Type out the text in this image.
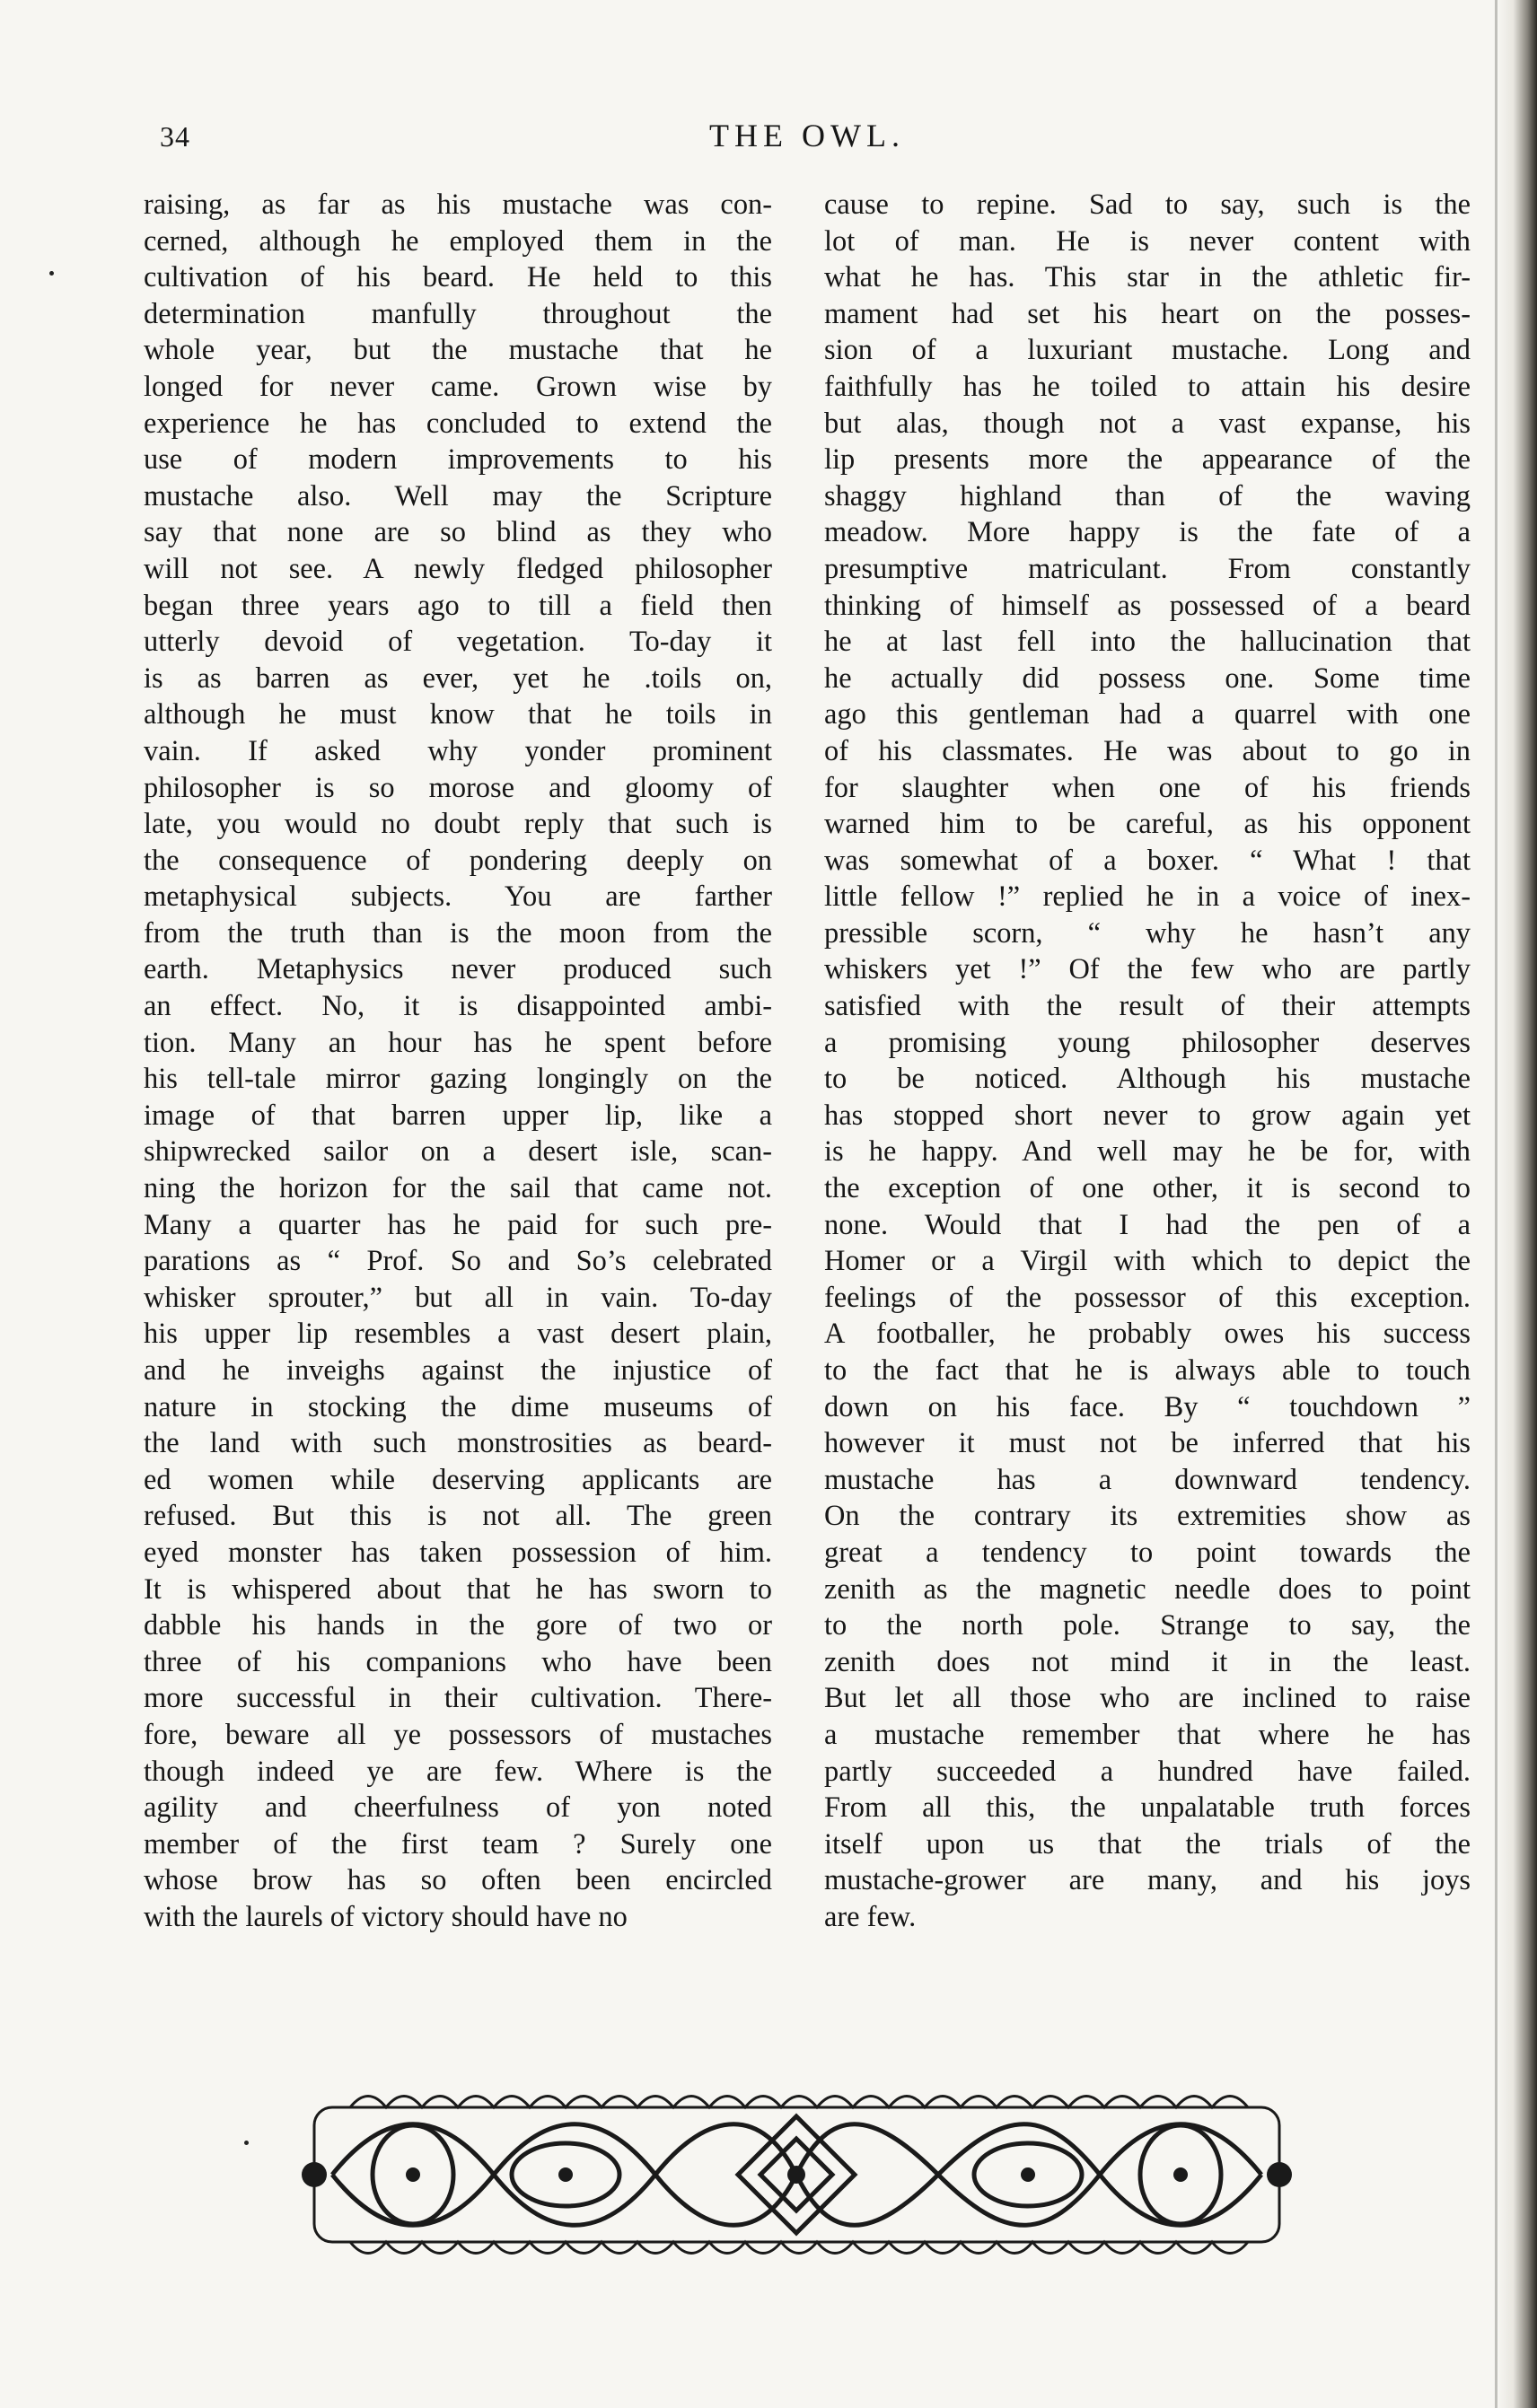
34	THE OWL.
raising, as far as his mustache was con-
cerned, although he employed them in the
cultivation of his beard. He held to this
determination manfully throughout the
whole year, but the mustache that he
longed for never came. Grown wise by
experience he has concluded to extend the
use of modern improvements to his
mustache also. Well may the Scripture
say that none are so blind as they who
will not see. A newly fledged philosopher
began three years ago to till a field then
utterly devoid of vegetation. To-day it
is as barren as ever, yet he .toils on,
although he must know that he toils in
vain. If asked why yonder prominent
philosopher is so morose and gloomy of
late, you would no doubt reply that such is
the consequence of pondering deeply on
metaphysical subjects. You are farther
from the truth than is the moon from the
earth. Metaphysics never produced such
an effect. No, it is disappointed ambi-
tion. Many an hour has he spent before
his tell-tale mirror gazing longingly on the
image of that barren upper lip, like a
shipwrecked sailor on a desert isle, scan-
ning the horizon for the sail that came not.
Many a quarter has he paid for such pre-
parations as “ Prof. So and So’s celebrated
whisker sprouter,” but all in vain. To-day
his upper lip resembles a vast desert plain,
and he inveighs against the injustice of
nature in stocking the dime museums of
the land with such monstrosities as beard-
ed women while deserving applicants are
refused. But this is not all. The green
eyed monster has taken possession of him.
It is whispered about that he has sworn to
dabble his hands in the gore of two or
three of his companions who have been
more successful in their cultivation. There-
fore, beware all ye possessors of mustaches
though indeed ye are few. Where is the
agility and cheerfulness of yon noted
member of the first team ? Surely one
whose brow has so often been encircled
with the laurels of victory should have no
cause to repine. Sad to say, such is the
lot of man. He is never content with
what he has. This star in the athletic fir-
mament had set his heart on the posses-
sion of a luxuriant mustache. Long and
faithfully has he toiled to attain his desire
but alas, though not a vast expanse, his
lip presents more the appearance of the
shaggy highland than of the waving
meadow. More happy is the fate of a
presumptive matriculant. From constantly
thinking of himself as possessed of a beard
he at last fell into the hallucination that
he actually did possess one. Some time
ago this gentleman had a quarrel with one
of his classmates. He was about to go in
for slaughter when one of his friends
warned him to be careful, as his opponent
was somewhat of a boxer. “ What ! that
little fellow !” replied he in a voice of inex-
pressible scorn, “ why he hasn’t any
whiskers yet !” Of the few who are partly
satisfied with the result of their attempts
a promising young philosopher deserves
to be noticed. Although his mustache
has stopped short never to grow again yet
is he happy. And well may he be for, with
the exception of one other, it is second to
none. Would that I had the pen of a
Homer or a Virgil with which to depict the
feelings of the possessor of this exception.
A footballer, he probably owes his success
to the fact that he is always able to touch
down on his face. By “ touchdown ”
however it must not be inferred that his
mustache has a downward tendency.
On the contrary its extremities show as
great a tendency to point towards the
zenith as the magnetic needle does to point
to the north pole. Strange to say, the
zenith does not mind it in the least.
But let all those who are inclined to raise
a mustache remember that where he has
partly succeeded a hundred have failed.
From all this, the unpalatable truth forces
itself upon us that the trials of the
mustache-grower are many, and his joys
are few.
